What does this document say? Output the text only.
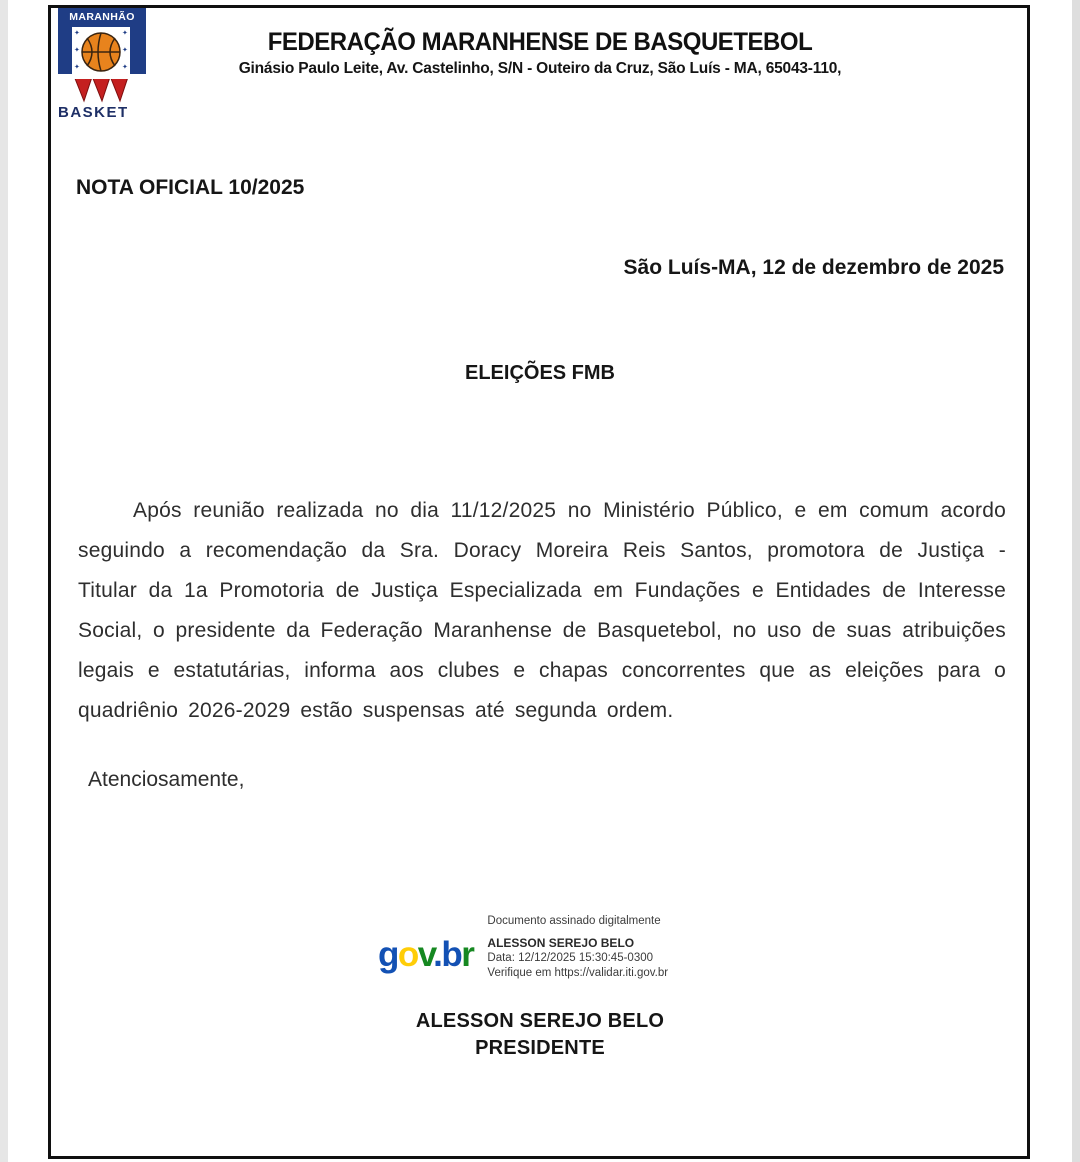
MARANHÃO
✦
✦
✦
✦
✦
✦
BASKET
FEDERAÇÃO MARANHENSE DE BASQUETEBOL
Ginásio Paulo Leite, Av. Castelinho, S/N - Outeiro da Cruz, São Luís - MA, 65043-110,
NOTA OFICIAL 10/2025
São Luís-MA, 12 de dezembro de 2025
ELEIÇÕES FMB

Após reunião realizada no dia 11/12/2025 no Ministério Público, e em comum acordo seguindo a recomendação da Sra. Doracy Moreira Reis Santos, promotora de Justiça - Titular da 1a Promotoria de Justiça Especializada em Fundações e Entidades de Interesse Social, o presidente da Federação Maranhense de Basquetebol, no uso de suas atribuições legais e estatutárias, informa aos clubes e chapas concorrentes que as eleições para o quadriênio 2026-2029 estão suspensas até segunda ordem.

Atenciosamente,
gov.br
Documento assinado digitalmente
ALESSON SEREJO BELO
Data: 12/12/2025 15:30:45-0300
Verifique em https://validar.iti.gov.br
ALESSON SEREJO BELO
PRESIDENTE
